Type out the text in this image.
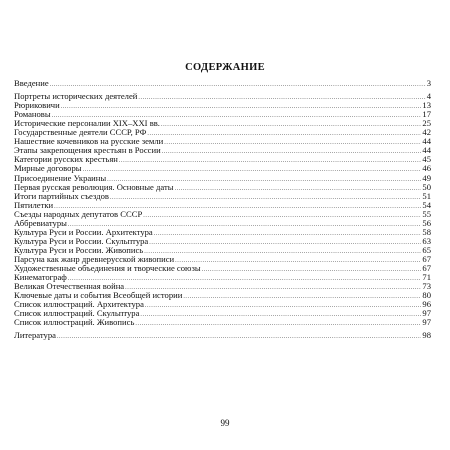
СОДЕРЖАНИЕ
Введение .....	3
Портреты исторических деятелей .....	4
Рюриковичи .....	13
Романовы .....	17
Исторические персоналии XIX–XXI вв. .....	25
Государственные деятели СССР, РФ .....	42
Нашествие кочевников на русские земли .....	44
Этапы закрепощения крестьян в России .....	44
Категории русских крестьян .....	45
Мирные договоры .....	46
Присоединение Украины .....	49
Первая русская революция. Основные даты .....	50
Итоги партийных съездов .....	51
Пятилетки .....	54
Съезды народных депутатов СССР .....	55
Аббревиатуры .....	56
Культура Руси и России. Архитектура .....	58
Культура Руси и России. Скульптура .....	63
Культура Руси и России. Живопись .....	65
Парсуна как жанр древнерусской живописи .....	67
Художественные объединения и творческие союзы .....	67
Кинематограф .....	71
Великая Отечественная война .....	73
Ключевые даты и события Всеобщей истории .....	80
Список иллюстраций. Архитектура .....	96
Список иллюстраций. Скульптура .....	97
Список иллюстраций. Живопись .....	97
Литература .....	98
99
